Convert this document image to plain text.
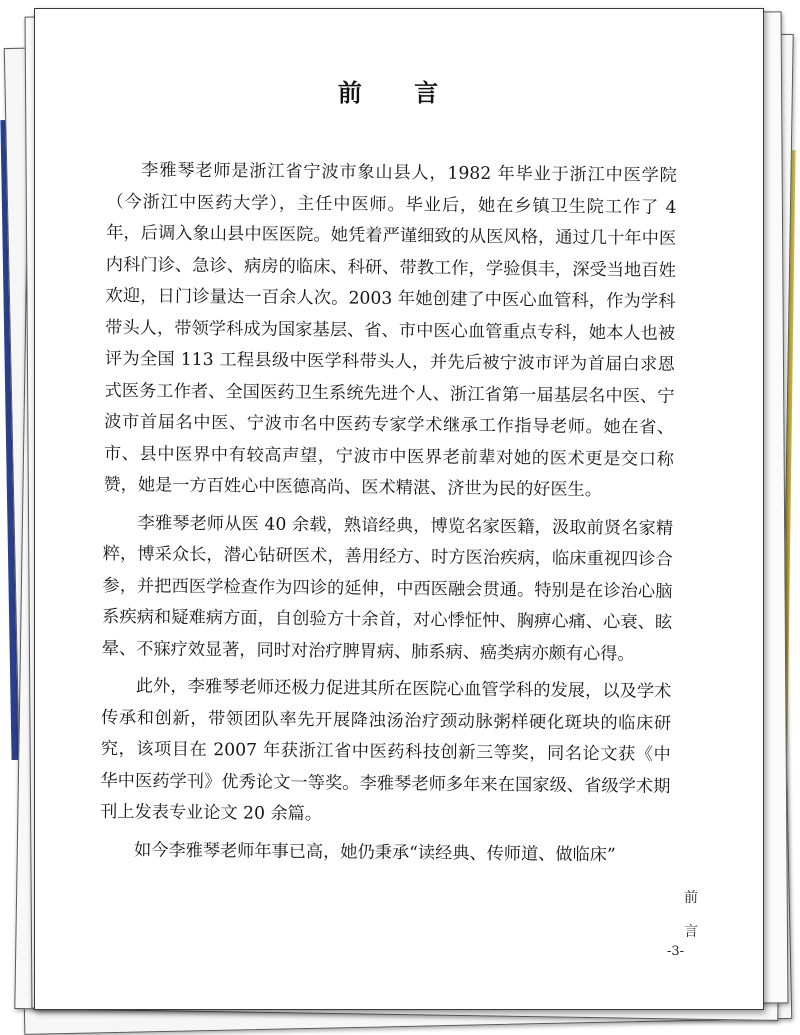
前 言

李雅琴老师是浙江省宁波市象山县人，1982 年毕业于浙江中医学院（今浙江中医药大学），主任中医师。毕业后，她在乡镇卫生院工作了 4 年，后调入象山县中医医院。她凭着严谨细致的从医风格，通过几十年中医内科门诊、急诊、病房的临床、科研、带教工作，学验俱丰，深受当地百姓欢迎，日门诊量达一百余人次。2003 年她创建了中医心血管科，作为学科带头人，带领学科成为国家基层、省、市中医心血管重点专科，她本人也被评为全国 113 工程县级中医学科带头人，并先后被宁波市评为首届白求恩式医务工作者、全国医药卫生系统先进个人、浙江省第一届基层名中医、宁波市首届名中医、宁波市名中医药专家学术继承工作指导老师。她在省、市、县中医界中有较高声望，宁波市中医界老前辈对她的医术更是交口称赞，她是一方百姓心中医德高尚、医术精湛、济世为民的好医生。

李雅琴老师从医 40 余载，熟谙经典，博览名家医籍，汲取前贤名家精粹，博采众长，潜心钻研医术，善用经方、时方医治疾病，临床重视四诊合参，并把西医学检查作为四诊的延伸，中西医融会贯通。特别是在诊治心脑系疾病和疑难病方面，自创验方十余首，对心悸怔忡、胸痹心痛、心衰、眩晕、不寐疗效显著，同时对治疗脾胃病、肺系病、癌类病亦颇有心得。

此外，李雅琴老师还极力促进其所在医院心血管学科的发展，以及学术传承和创新，带领团队率先开展降浊汤治疗颈动脉粥样硬化斑块的临床研究，该项目在 2007 年获浙江省中医药科技创新三等奖，同名论文获《中华中医药学刊》优秀论文一等奖。李雅琴老师多年来在国家级、省级学术期刊上发表专业论文 20 余篇。

如今李雅琴老师年事已高，她仍秉承“读经典、传师道、做临床”

前言
-3-
